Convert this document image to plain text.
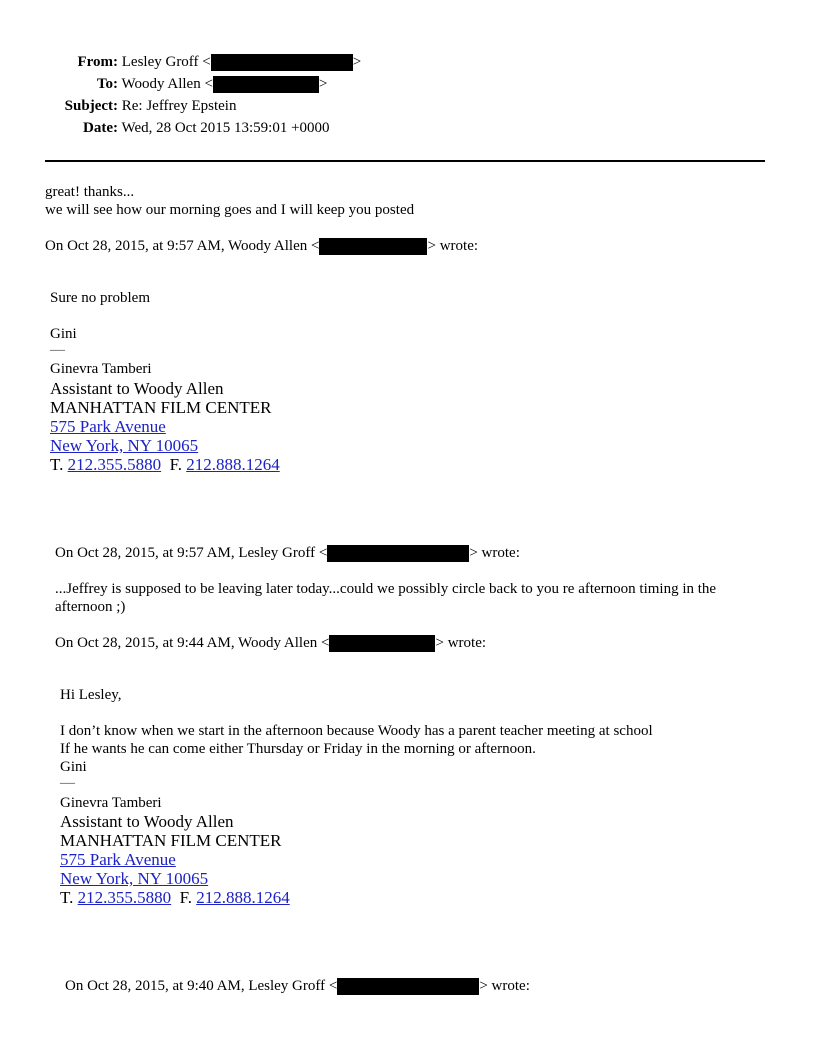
From: Lesley Groff <	>
To: Woody Allen <	>
Subject: Re: Jeffrey Epstein
Date: Wed, 28 Oct 2015 13:59:01 +0000
great! thanks...
we will see how our morning goes and I will keep you posted
On Oct 28, 2015, at 9:57 AM, Woody Allen <	> wrote:
Sure no problem
Gini
—
Ginevra Tamberi
Assistant to Woody Allen
MANHATTAN FILM CENTER
575 Park Avenue
New York, NY 10065
T. 212.355.5880 F. 212.888.1264
On Oct 28, 2015, at 9:57 AM, Lesley Groff <	> wrote:
...Jeffrey is supposed to be leaving later today...could we possibly circle back to you re afternoon timing in the
afternoon ;)
On Oct 28, 2015, at 9:44 AM, Woody Allen <	> wrote:
Hi Lesley,
I don’t know when we start in the afternoon because Woody has a parent teacher meeting at school
If he wants he can come either Thursday or Friday in the morning or afternoon.
Gini
—
Ginevra Tamberi
Assistant to Woody Allen
MANHATTAN FILM CENTER
575 Park Avenue
New York, NY 10065
T. 212.355.5880 F. 212.888.1264
On Oct 28, 2015, at 9:40 AM, Lesley Groff <	> wrote:
